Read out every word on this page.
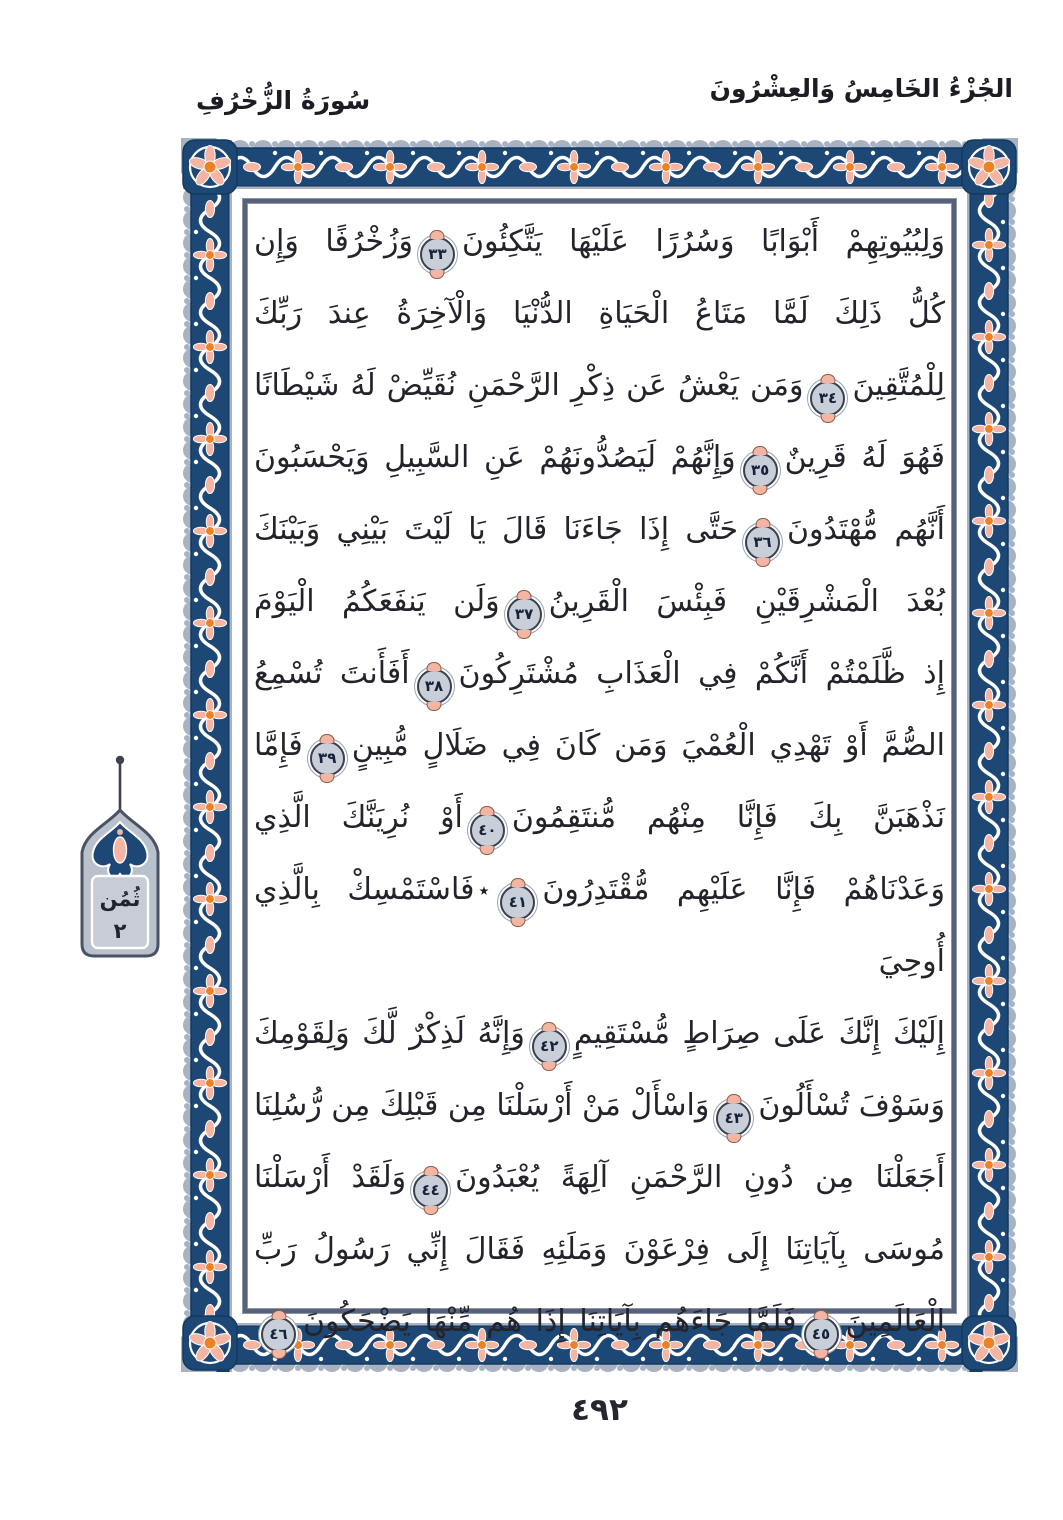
الجُزْءُ الخَامِسُ وَالعِشْرُونَ
سُورَةُ الزُّخْرُفِ
وَلِبُيُوتِهِمْ أَبْوَابًا وَسُرُرًا عَلَيْهَا يَتَّكِئُونَ٣٣وَزُخْرُفًا وَإِن
كُلُّ ذَلِكَ لَمَّا مَتَاعُ الْحَيَاةِ الدُّنْيَا وَالْآخِرَةُ عِندَ رَبِّكَ
لِلْمُتَّقِينَ٣٤وَمَن يَعْشُ عَن ذِكْرِ الرَّحْمَنِ نُقَيِّضْ لَهُ شَيْطَانًا
فَهُوَ لَهُ قَرِينٌ٣٥وَإِنَّهُمْ لَيَصُدُّونَهُمْ عَنِ السَّبِيلِ وَيَحْسَبُونَ
أَنَّهُم مُّهْتَدُونَ٣٦حَتَّى إِذَا جَاءَنَا قَالَ يَا لَيْتَ بَيْنِي وَبَيْنَكَ
بُعْدَ الْمَشْرِقَيْنِ فَبِئْسَ الْقَرِينُ٣٧وَلَن يَنفَعَكُمُ الْيَوْمَ
إِذ ظَّلَمْتُمْ أَنَّكُمْ فِي الْعَذَابِ مُشْتَرِكُونَ٣٨أَفَأَنتَ تُسْمِعُ
الصُّمَّ أَوْ تَهْدِي الْعُمْيَ وَمَن كَانَ فِي ضَلَالٍ مُّبِينٍ٣٩فَإِمَّا
نَذْهَبَنَّ بِكَ فَإِنَّا مِنْهُم مُّنتَقِمُونَ٤٠أَوْ نُرِيَنَّكَ الَّذِي
وَعَدْنَاهُمْ فَإِنَّا عَلَيْهِم مُّقْتَدِرُونَ٤١٭فَاسْتَمْسِكْ بِالَّذِي أُوحِيَ
إِلَيْكَ إِنَّكَ عَلَى صِرَاطٍ مُّسْتَقِيمٍ٤٢وَإِنَّهُ لَذِكْرٌ لَّكَ وَلِقَوْمِكَ
وَسَوْفَ تُسْأَلُونَ٤٣وَاسْأَلْ مَنْ أَرْسَلْنَا مِن قَبْلِكَ مِن رُّسُلِنَا
أَجَعَلْنَا مِن دُونِ الرَّحْمَنِ آلِهَةً يُعْبَدُونَ٤٤وَلَقَدْ أَرْسَلْنَا
مُوسَى بِآيَاتِنَا إِلَى فِرْعَوْنَ وَمَلَئِهِ فَقَالَ إِنِّي رَسُولُ رَبِّ
الْعَالَمِينَ٤٥فَلَمَّا جَاءَهُم بِآيَاتِنَا إِذَا هُم مِّنْهَا يَضْحَكُونَ٤٦
ثُمُن
٢
٤٩٢
